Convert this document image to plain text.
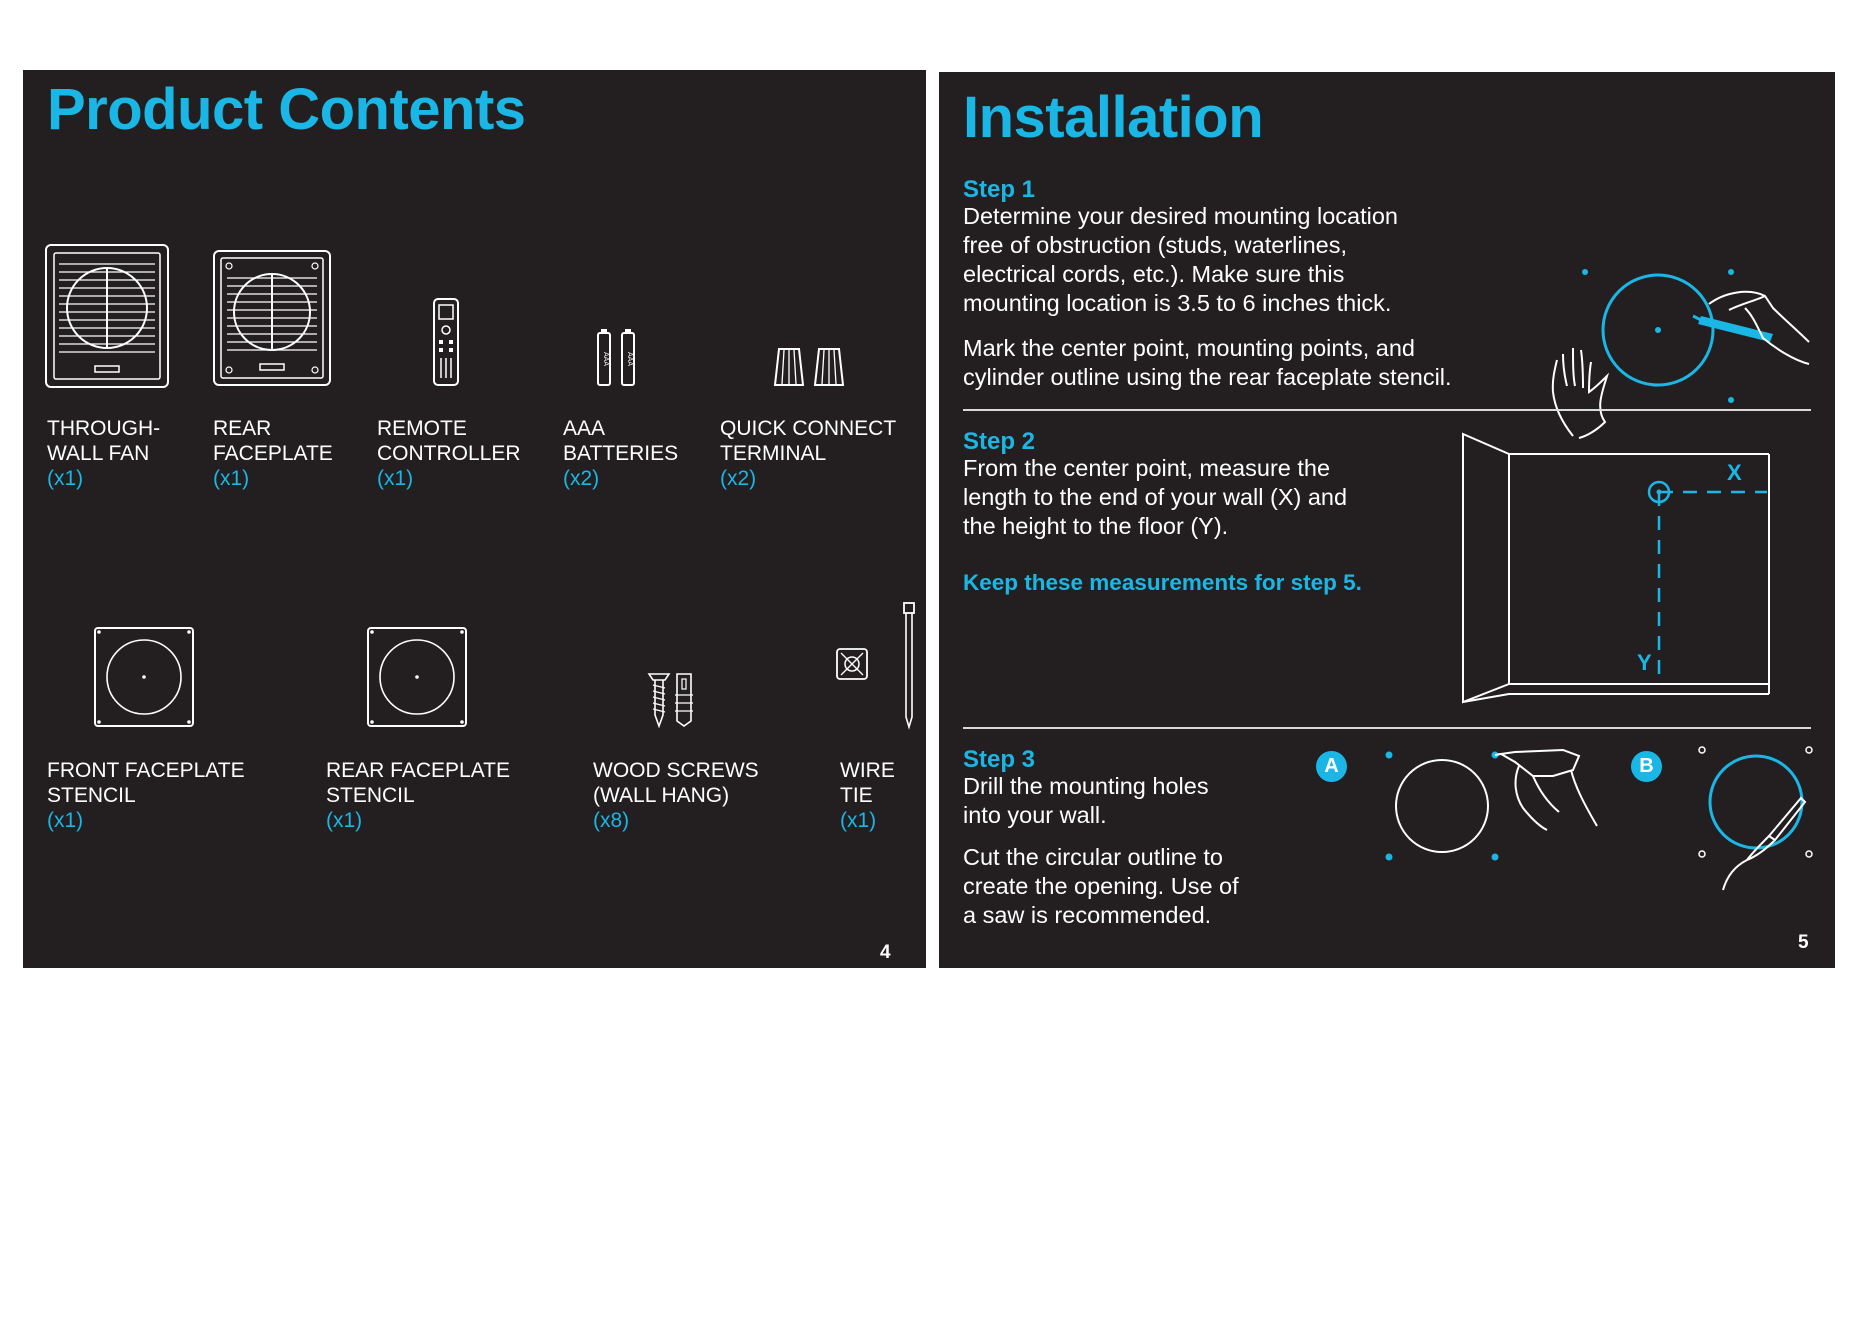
Product Contents
AAA AAA
THROUGH-
WALL FAN
(x1)
REAR
FACEPLATE
(x1)
REMOTE
CONTROLLER
(x1)
AAA
BATTERIES
(x2)
QUICK CONNECT
TERMINAL
(x2)
FRONT FACEPLATE
STENCIL
(x1)
REAR FACEPLATE
STENCIL
(x1)
WOOD SCREWS
(WALL HANG)
(x8)
WIRE
TIE
(x1)
4
Installation
Step 1
Determine your desired mounting location
free of obstruction (studs, waterlines,
electrical cords, etc.). Make sure this
mounting location is 3.5 to 6 inches thick.
Mark the center point, mounting points, and
cylinder outline using the rear faceplate stencil.
Step 2
From the center point, measure the
length to the end of your wall (X) and
the height to the floor (Y).
Keep these measurements for step 5.
X
Y
Step 3
Drill the mounting holes
into your wall.
Cut the circular outline to
create the opening. Use of
a saw is recommended.
A	B
5
